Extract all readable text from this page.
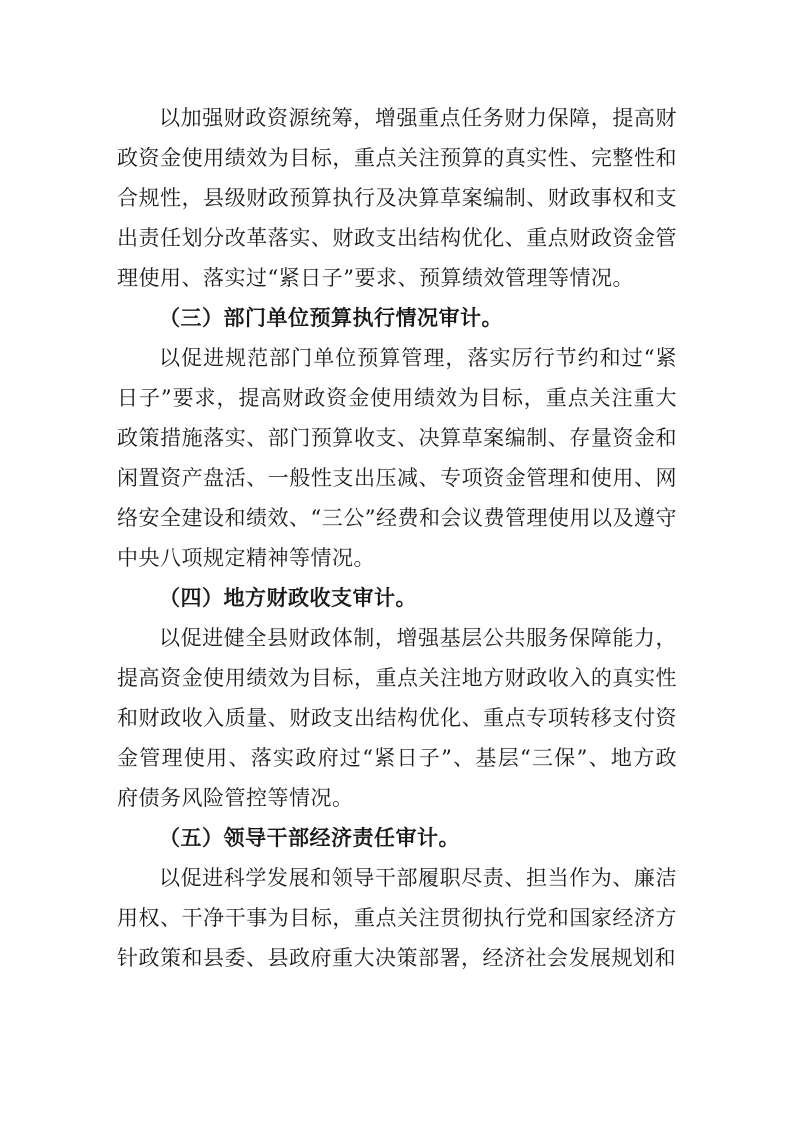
以加强财政资源统筹，增强重点任务财力保障，提高财政资金使用绩效为目标，重点关注预算的真实性、完整性和合规性，县级财政预算执行及决算草案编制、财政事权和支出责任划分改革落实、财政支出结构优化、重点财政资金管理使用、落实过“紧日子”要求、预算绩效管理等情况。

（三）部门单位预算执行情况审计。

以促进规范部门单位预算管理，落实厉行节约和过“紧日子”要求，提高财政资金使用绩效为目标，重点关注重大政策措施落实、部门预算收支、决算草案编制、存量资金和闲置资产盘活、一般性支出压减、专项资金管理和使用、网络安全建设和绩效、“三公”经费和会议费管理使用以及遵守中央八项规定精神等情况。

（四）地方财政收支审计。

以促进健全县财政体制，增强基层公共服务保障能力，提高资金使用绩效为目标，重点关注地方财政收入的真实性和财政收入质量、财政支出结构优化、重点专项转移支付资金管理使用、落实政府过“紧日子”、基层“三保”、地方政府债务风险管控等情况。

（五）领导干部经济责任审计。

以促进科学发展和领导干部履职尽责、担当作为、廉洁用权、干净干事为目标，重点关注贯彻执行党和国家经济方针政策和县委、县政府重大决策部署，经济社会发展规划和
